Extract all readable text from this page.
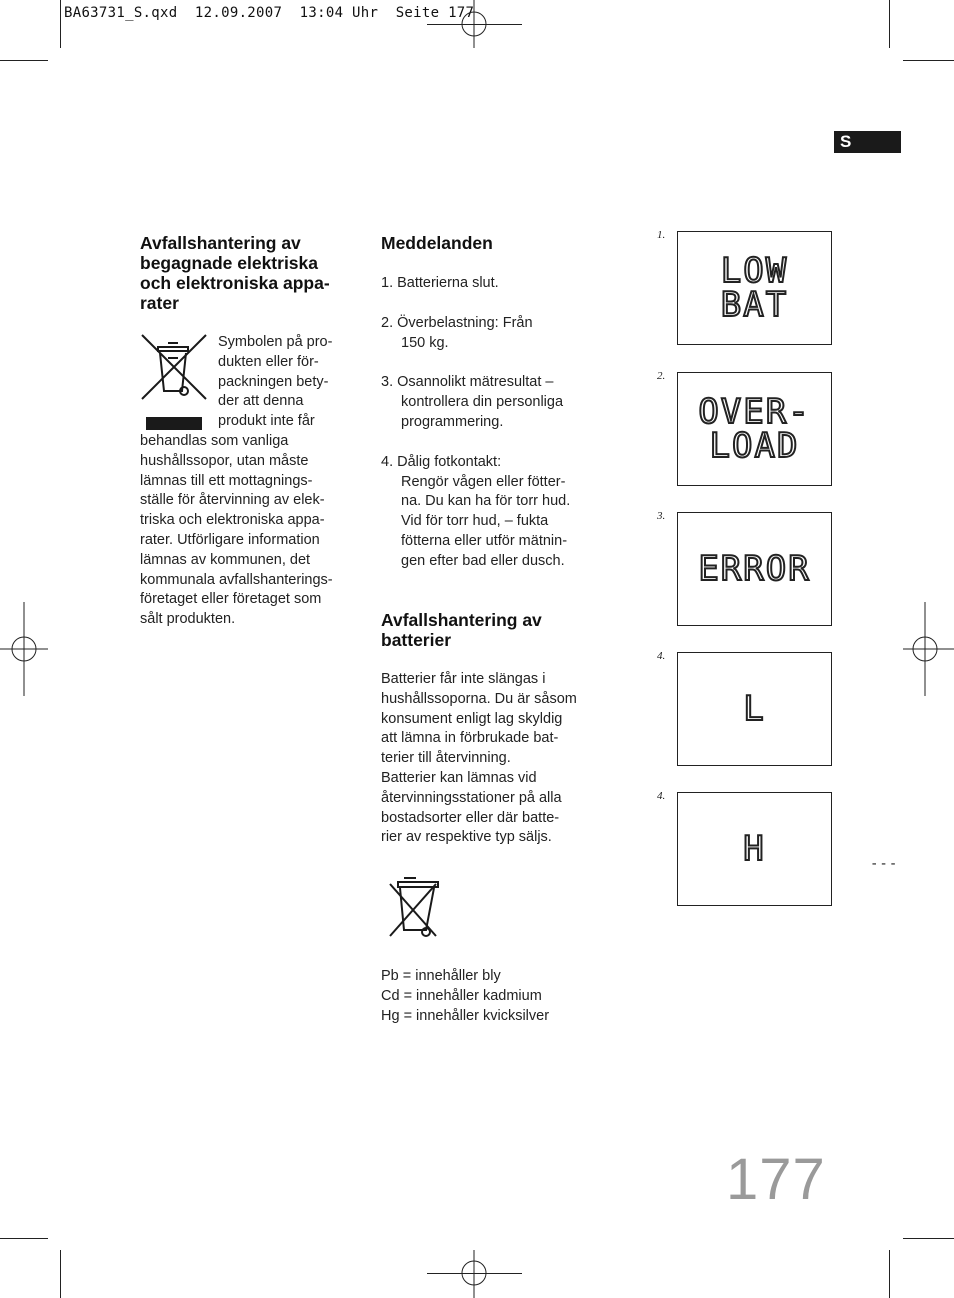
BA63731_S.qxd  12.09.2007  13:04 Uhr  Seite 177
S
Avfallshantering av begagnade elektriska och elektroniska appa-rater
Symbolen på pro-
dukten eller för-
packningen bety-
der att denna
produkt inte får
behandlas som vanliga
hushållssopor, utan måste
lämnas till ett mottagnings-
ställe för återvinning av elek-
triska och elektroniska appa-
rater. Utförligare information
lämnas av kommunen, det
kommunala avfallshanterings-
företaget eller företaget som
sålt produkten.
Meddelanden
1. Batterierna slut.
2. Överbelastning: Från
150 kg.
3. Osannolikt mätresultat –
kontrollera din personliga
programmering.
4. Dålig fotkontakt:
Rengör vågen eller fötter-
na. Du kan ha för torr hud.
Vid för torr hud, – fukta
fötterna eller utför mätnin-
gen efter bad eller dusch.
Avfallshantering av
batterier
Batterier får inte slängas i
hushållssoporna. Du är såsom
konsument enligt lag skyldig
att lämna in förbrukade bat-
terier till återvinning.
Batterier kan lämnas vid
återvinningsstationer på alla
bostadsorter eller där batte-
rier av respektive typ säljs.
Pb = innehåller bly
Cd = innehåller kadmium
Hg = innehåller kvicksilver
1.
LOW
BAT
2.
OVER-
LOAD
3.
ERROR
4.
L
4.
H	---
177
